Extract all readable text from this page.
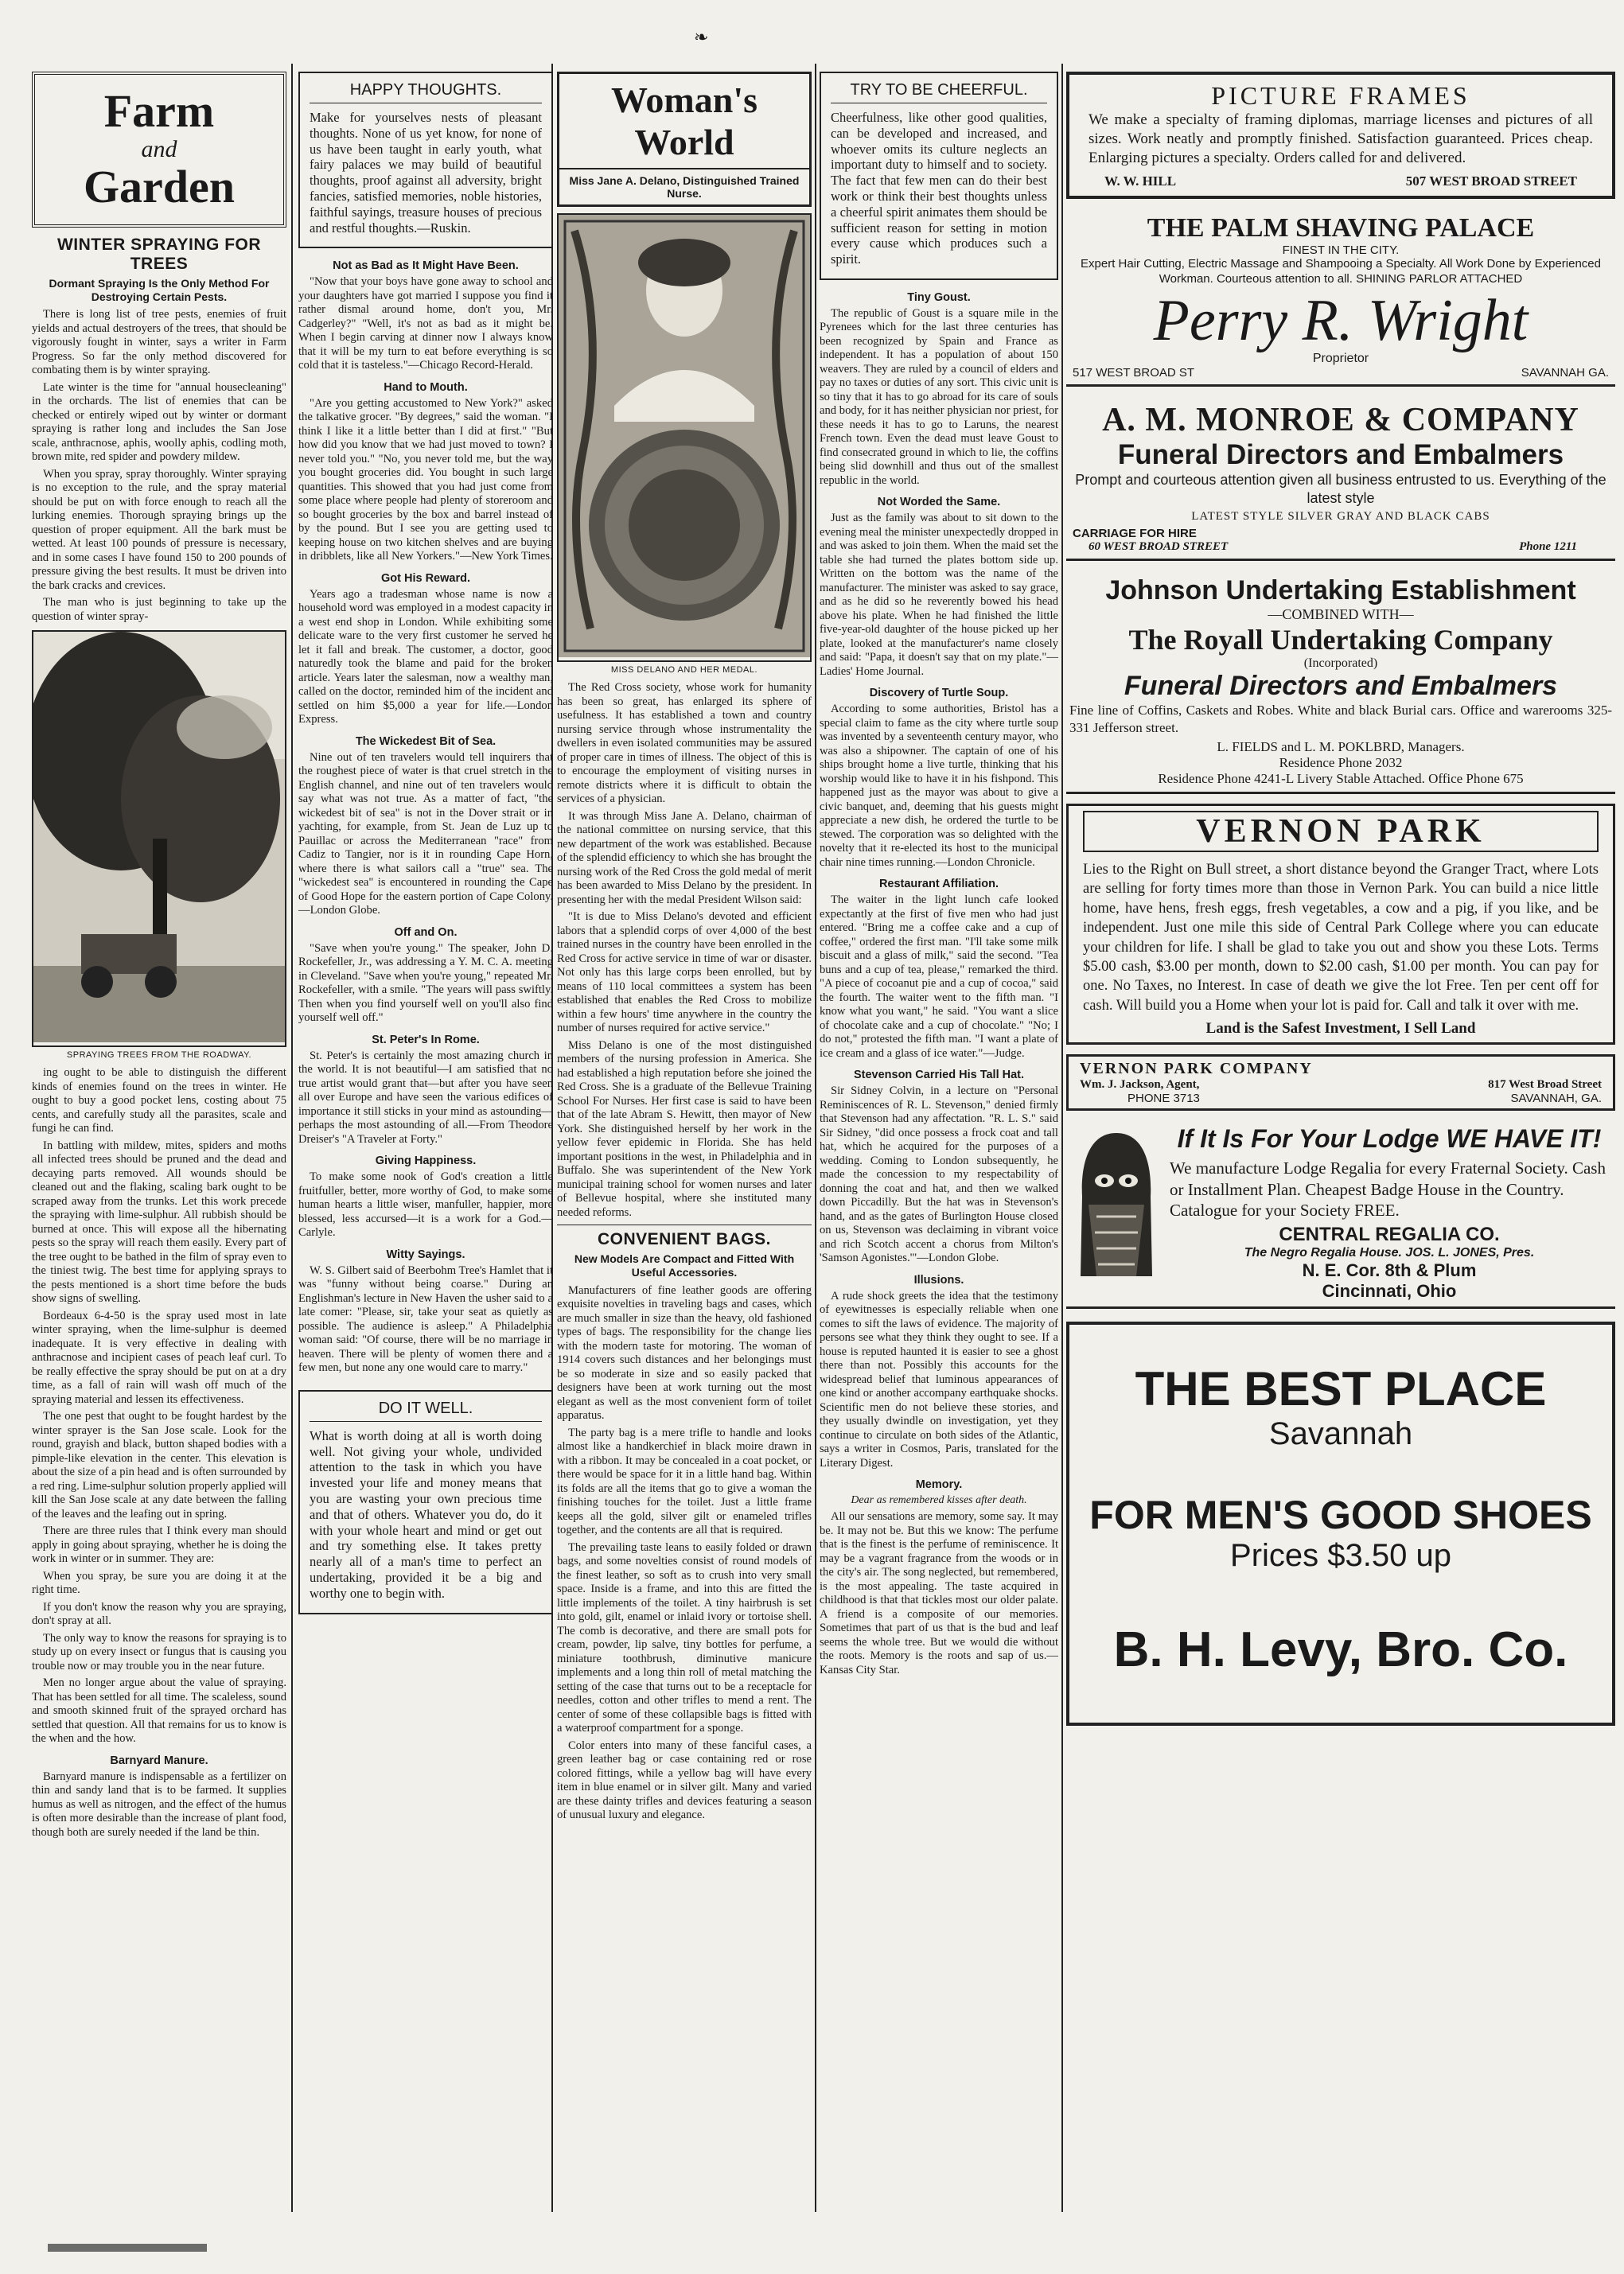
❧
Farm
and
Garden
WINTER SPRAYING FOR TREES
Dormant Spraying Is the Only Method For Destroying Certain Pests.

There is long list of tree pests, enemies of fruit yields and actual destroyers of the trees, that should be vigorously fought in winter, says a writer in Farm Progress. So far the only method discovered for combating them is by winter spraying.

Late winter is the time for "annual housecleaning" in the orchards. The list of enemies that can be checked or entirely wiped out by winter or dormant spraying is rather long and includes the San Jose scale, anthracnose, aphis, woolly aphis, codling moth, brown mite, red spider and powdery mildew.

When you spray, spray thoroughly. Winter spraying is no exception to the rule, and the spray material should be put on with force enough to reach all the lurking enemies. Thorough spraying brings up the question of proper equipment. All the bark must be wetted. At least 100 pounds of pressure is necessary, and in some cases I have found 150 to 200 pounds of pressure giving the best results. It must be driven into the bark cracks and crevices.

The man who is just beginning to take up the question of winter spray-

SPRAYING TREES FROM THE ROADWAY.

ing ought to be able to distinguish the different kinds of enemies found on the trees in winter. He ought to buy a good pocket lens, costing about 75 cents, and carefully study all the parasites, scale and fungi he can find.

In battling with mildew, mites, spiders and moths all infected trees should be pruned and the dead and decaying parts removed. All wounds should be cleaned out and the flaking, scaling bark ought to be scraped away from the trunks. Let this work precede the spraying with lime-sulphur. All rubbish should be burned at once. This will expose all the hibernating pests so the spray will reach them easily. Every part of the tree ought to be bathed in the film of spray even to the tiniest twig. The best time for applying sprays to the pests mentioned is a short time before the buds show signs of swelling.

Bordeaux 6-4-50 is the spray used most in late winter spraying, when the lime-sulphur is deemed inadequate. It is very effective in dealing with anthracnose and incipient cases of peach leaf curl. To be really effective the spray should be put on at a dry time, as a fall of rain will wash off much of the spraying material and lessen its effectiveness.

The one pest that ought to be fought hardest by the winter sprayer is the San Jose scale. Look for the round, grayish and black, button shaped bodies with a pimple-like elevation in the center. This elevation is about the size of a pin head and is often surrounded by a red ring. Lime-sulphur solution properly applied will kill the San Jose scale at any date between the falling of the leaves and the leafing out in spring.

There are three rules that I think every man should apply in going about spraying, whether he is doing the work in winter or in summer. They are:

When you spray, be sure you are doing it at the right time.

If you don't know the reason why you are spraying, don't spray at all.

The only way to know the reasons for spraying is to study up on every insect or fungus that is causing you trouble now or may trouble you in the near future.

Men no longer argue about the value of spraying. That has been settled for all time. The scaleless, sound and smooth skinned fruit of the sprayed orchard has settled that question. All that remains for us to know is the when and the how.

Barnyard Manure.

Barnyard manure is indispensable as a fertilizer on thin and sandy land that is to be farmed. It supplies humus as well as nitrogen, and the effect of the humus is often more desirable than the increase of plant food, though both are surely needed if the land be thin.

HAPPY THOUGHTS.

Make for yourselves nests of pleasant thoughts. None of us yet know, for none of us have been taught in early youth, what fairy palaces we may build of beautiful thoughts, proof against all adversity, bright fancies, satisfied memories, noble histories, faithful sayings, treasure houses of precious and restful thoughts.—Ruskin.

Not as Bad as It Might Have Been.

"Now that your boys have gone away to school and your daughters have got married I suppose you find it rather dismal around home, don't you, Mr. Cadgerley?" "Well, it's not as bad as it might be. When I begin carving at dinner now I always know that it will be my turn to eat before everything is so cold that it is tasteless."—Chicago Record-Herald.

Hand to Mouth.

"Are you getting accustomed to New York?" asked the talkative grocer. "By degrees," said the woman. "I think I like it a little better than I did at first." "But how did you know that we had just moved to town? I never told you." "No, you never told me, but the way you bought groceries did. You bought in such large quantities. This showed that you had just come from some place where people had plenty of storeroom and so bought groceries by the box and barrel instead of by the pound. But I see you are getting used to keeping house on two kitchen shelves and are buying in dribblets, like all New Yorkers."—New York Times.

Got His Reward.

Years ago a tradesman whose name is now a household word was employed in a modest capacity in a west end shop in London. While exhibiting some delicate ware to the very first customer he served he let it fall and break. The customer, a doctor, good naturedly took the blame and paid for the broken article. Years later the salesman, now a wealthy man, called on the doctor, reminded him of the incident and settled on him $5,000 a year for life.—London Express.

The Wickedest Bit of Sea.

Nine out of ten travelers would tell inquirers that the roughest piece of water is that cruel stretch in the English channel, and nine out of ten travelers would say what was not true. As a matter of fact, "the wickedest bit of sea" is not in the Dover strait or in yachting, for example, from St. Jean de Luz up to Pauillac or across the Mediterranean "race" from Cadiz to Tangier, nor is it in rounding Cape Horn, where there is what sailors call a "true" sea. The "wickedest sea" is encountered in rounding the Cape of Good Hope for the eastern portion of Cape Colony.—London Globe.

Off and On.

"Save when you're young." The speaker, John D. Rockefeller, Jr., was addressing a Y. M. C. A. meeting in Cleveland. "Save when you're young," repeated Mr. Rockefeller, with a smile. "The years will pass swiftly. Then when you find yourself well on you'll also find yourself well off."

St. Peter's In Rome.

St. Peter's is certainly the most amazing church in the world. It is not beautiful—I am satisfied that no true artist would grant that—but after you have seen all over Europe and have seen the various edifices of importance it still sticks in your mind as astounding—perhaps the most astounding of all.—From Theodore Dreiser's "A Traveler at Forty."

Giving Happiness.

To make some nook of God's creation a little fruitfuller, better, more worthy of God, to make some human hearts a little wiser, manfuller, happier, more blessed, less accursed—it is a work for a God.—Carlyle.

Witty Sayings.

W. S. Gilbert said of Beerbohm Tree's Hamlet that it was "funny without being coarse." During an Englishman's lecture in New Haven the usher said to a late comer: "Please, sir, take your seat as quietly as possible. The audience is asleep." A Philadelphia woman said: "Of course, there will be no marriage in heaven. There will be plenty of women there and a few men, but none any one would care to marry."

DO IT WELL.

What is worth doing at all is worth doing well. Not giving your whole, undivided attention to the task in which you have invested your life and money means that you are wasting your own precious time and that of others. Whatever you do, do it with your whole heart and mind or get out and try something else. It takes pretty nearly all of a man's time to perfect an undertaking, provided it be a big and worthy one to begin with.

Woman's World
Miss Jane A. Delano, Distinguished Trained Nurse.
MISS DELANO AND HER MEDAL.

The Red Cross society, whose work for humanity has been so great, has enlarged its sphere of usefulness. It has established a town and country nursing service through whose instrumentality the dwellers in even isolated communities may be assured of proper care in times of illness. The object of this is to encourage the employment of visiting nurses in remote districts where it is difficult to obtain the services of a physician.

It was through Miss Jane A. Delano, chairman of the national committee on nursing service, that this new department of the work was established. Because of the splendid efficiency to which she has brought the nursing work of the Red Cross the gold medal of merit has been awarded to Miss Delano by the president. In presenting her with the medal President Wilson said:

"It is due to Miss Delano's devoted and efficient labors that a splendid corps of over 4,000 of the best trained nurses in the country have been enrolled in the Red Cross for active service in time of war or disaster. Not only has this large corps been enrolled, but by means of 110 local committees a system has been established that enables the Red Cross to mobilize within a few hours' time anywhere in the country the number of nurses required for active service."

Miss Delano is one of the most distinguished members of the nursing profession in America. She had established a high reputation before she joined the Red Cross. She is a graduate of the Bellevue Training School For Nurses. Her first case is said to have been that of the late Abram S. Hewitt, then mayor of New York. She distinguished herself by her work in the yellow fever epidemic in Florida. She has held important positions in the west, in Philadelphia and in Buffalo. She was superintendent of the New York municipal training school for women nurses and later of Bellevue hospital, where she instituted many needed reforms.

CONVENIENT BAGS.
New Models Are Compact and Fitted With Useful Accessories.

Manufacturers of fine leather goods are offering exquisite novelties in traveling bags and cases, which are much smaller in size than the heavy, old fashioned types of bags. The responsibility for the change lies with the modern taste for motoring. The woman of 1914 covers such distances and her belongings must be so moderate in size and so easily packed that designers have been at work turning out the most elegant as well as the most convenient form of toilet apparatus.

The party bag is a mere trifle to handle and looks almost like a handkerchief in black moire drawn in with a ribbon. It may be concealed in a coat pocket, or there would be space for it in a little hand bag. Within its folds are all the items that go to give a woman the finishing touches for the toilet. Just a little frame keeps all the gold, silver gilt or enameled trifles together, and the contents are all that is required.

The prevailing taste leans to easily folded or drawn bags, and some novelties consist of round models of the finest leather, so soft as to crush into very small space. Inside is a frame, and into this are fitted the little implements of the toilet. A tiny hairbrush is set into gold, gilt, enamel or inlaid ivory or tortoise shell. The comb is decorative, and there are small pots for cream, powder, lip salve, tiny bottles for perfume, a miniature toothbrush, diminutive manicure implements and a long thin roll of metal matching the setting of the case that turns out to be a receptacle for needles, cotton and other trifles to mend a rent. The center of some of these collapsible bags is fitted with a waterproof compartment for a sponge.

Color enters into many of these fanciful cases, a green leather bag or case containing red or rose colored fittings, while a yellow bag will have every item in blue enamel or in silver gilt. Many and varied are these dainty trifles and devices featuring a season of unusual luxury and elegance.

TRY TO BE CHEERFUL.

Cheerfulness, like other good qualities, can be developed and increased, and whoever omits its culture neglects an important duty to himself and to society. The fact that few men can do their best work or think their best thoughts unless a cheerful spirit animates them should be sufficient reason for setting in motion every cause which produces such a spirit.

Tiny Goust.

The republic of Goust is a square mile in the Pyrenees which for the last three centuries has been recognized by Spain and France as independent. It has a population of about 150 weavers. They are ruled by a council of elders and pay no taxes or duties of any sort. This civic unit is so tiny that it has to go abroad for its care of souls and body, for it has neither physician nor priest, for these needs it has to go to Laruns, the nearest French town. Even the dead must leave Goust to find consecrated ground in which to lie, the coffins being slid downhill and thus out of the smallest republic in the world.

Not Worded the Same.

Just as the family was about to sit down to the evening meal the minister unexpectedly dropped in and was asked to join them. When the maid set the table she had turned the plates bottom side up. Written on the bottom was the name of the manufacturer. The minister was asked to say grace, and as he did so he reverently bowed his head above his plate. When he had finished the little five-year-old daughter of the house picked up her plate, looked at the manufacturer's name closely and said: "Papa, it doesn't say that on my plate."—Ladies' Home Journal.

Discovery of Turtle Soup.

According to some authorities, Bristol has a special claim to fame as the city where turtle soup was invented by a seventeenth century mayor, who was also a shipowner. The captain of one of his ships brought home a live turtle, thinking that his worship would like to have it in his fishpond. This happened just as the mayor was about to give a civic banquet, and, deeming that his guests might appreciate a new dish, he ordered the turtle to be stewed. The corporation was so delighted with the novelty that it re-elected its host to the municipal chair nine times running.—London Chronicle.

Restaurant Affiliation.

The waiter in the light lunch cafe looked expectantly at the first of five men who had just entered. "Bring me a coffee cake and a cup of coffee," ordered the first man. "I'll take some milk biscuit and a glass of milk," said the second. "Tea buns and a cup of tea, please," remarked the third. "A piece of cocoanut pie and a cup of cocoa," said the fourth. The waiter went to the fifth man. "I know what you want," he said. "You want a slice of chocolate cake and a cup of chocolate." "No; I do not," protested the fifth man. "I want a plate of ice cream and a glass of ice water."—Judge.

Stevenson Carried His Tall Hat.

Sir Sidney Colvin, in a lecture on "Personal Reminiscences of R. L. Stevenson," denied firmly that Stevenson had any affectation. "R. L. S." said Sir Sidney, "did once possess a frock coat and tall hat, which he acquired for the purposes of a wedding. Coming to London subsequently, he made the concession to my respectability of donning the coat and hat, and then we walked down Piccadilly. But the hat was in Stevenson's hand, and as the gates of Burlington House closed on us, Stevenson was declaiming in vibrant voice and rich Scotch accent a chorus from Milton's 'Samson Agonistes.'"—London Globe.

Illusions.

A rude shock greets the idea that the testimony of eyewitnesses is especially reliable when one comes to sift the laws of evidence. The majority of persons see what they think they ought to see. If a house is reputed haunted it is easier to see a ghost there than not. Possibly this accounts for the widespread belief that luminous appearances of one kind or another accompany earthquake shocks. Scientific men do not believe these stories, and they usually dwindle on investigation, yet they continue to circulate on both sides of the Atlantic, says a writer in Cosmos, Paris, translated for the Literary Digest.

Memory.
Dear as remembered kisses after death.

All our sensations are memory, some say. It may be. It may not be. But this we know: The perfume that is the finest is the perfume of reminiscence. It may be a vagrant fragrance from the woods or in the city's air. The song neglected, but remembered, is the most appealing. The taste acquired in childhood is that that tickles most our older palate. A friend is a composite of our memories. Sometimes that part of us that is the bud and leaf seems the whole tree. But we would die without the roots. Memory is the roots and sap of us.—Kansas City Star.

PICTURE FRAMES

We make a specialty of framing diplomas, marriage licenses and pictures of all sizes. Work neatly and promptly finished. Satisfaction guaranteed. Prices cheap. Enlarging pictures a specialty. Orders called for and delivered.

W. W. HILL	507 WEST BROAD STREET
THE PALM SHAVING PALACE
FINEST IN THE CITY.

Expert Hair Cutting, Electric Massage and Shampooing a Specialty. All Work Done by Experienced Workman. Courteous attention to all. SHINING PARLOR ATTACHED

Perry R. Wright
Proprietor
517 WEST BROAD ST	SAVANNAH GA.
A. M. MONROE & COMPANY
Funeral Directors and Embalmers

Prompt and courteous attention given all business entrusted to us. Everything of the latest style

LATEST STYLE SILVER GRAY AND BLACK CABS
CARRIAGE FOR HIRE
60 WEST BROAD STREET	Phone 1211
Johnson Undertaking Establishment
—COMBINED WITH—
The Royall Undertaking Company
(Incorporated)
Funeral Directors and Embalmers

Fine line of Coffins, Caskets and Robes. White and black Burial cars. Office and warerooms 325-331 Jefferson street.

L. FIELDS and L. M. POKLBRD, Managers.
Residence Phone 2032
Residence Phone 4241-L Livery Stable Attached. Office Phone 675
VERNON PARK

Lies to the Right on Bull street, a short distance beyond the Granger Tract, where Lots are selling for forty times more than those in Vernon Park. You can build a nice little home, have hens, fresh eggs, fresh vegetables, a cow and a pig, if you like, and be independent. Just one mile this side of Central Park College where you can educate your children for life. I shall be glad to take you out and show you these Lots. Terms $5.00 cash, $3.00 per month, down to $2.00 cash, $1.00 per month. You can pay for one. No Taxes, no Interest. In case of death we give the lot Free. Ten per cent off for cash. Will build you a Home when your lot is paid for. Call and talk it over with me.

Land is the Safest Investment, I Sell Land
VERNON PARK COMPANY
Wm. J. Jackson, Agent,	817 West Broad Street
PHONE 3713	SAVANNAH, GA.
If It Is For Your Lodge WE HAVE IT!

We manufacture Lodge Regalia for every Fraternal Society. Cash or Installment Plan. Cheapest Badge House in the Country. Catalogue for your Society FREE.

CENTRAL REGALIA CO.
The Negro Regalia House. JOS. L. JONES, Pres.
N. E. Cor. 8th & Plum
Cincinnati, Ohio
THE BEST PLACE
Savannah
FOR MEN'S GOOD SHOES
Prices $3.50 up
B. H. Levy, Bro. Co.
